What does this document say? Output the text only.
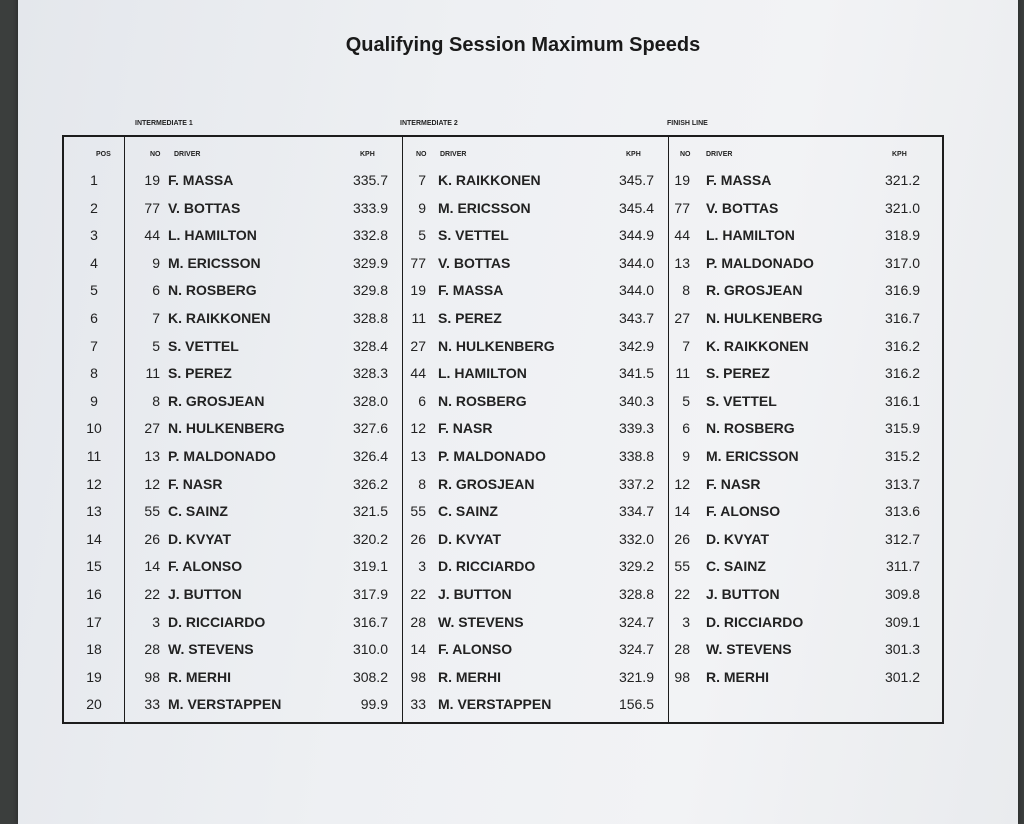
Qualifying Session Maximum Speeds
INTERMEDIATE 1	INTERMEDIATE 2	FINISH LINE
POS	NO DRIVER	KPH	NO DRIVER	KPH	NO DRIVER	KPH
1	19 F. MASSA	335.7	7 K. RAIKKONEN	345.7	19 F. MASSA	321.2
2	77 V. BOTTAS	333.9	9 M. ERICSSON	345.4	77 V. BOTTAS	321.0
3	44 L. HAMILTON	332.8	5 S. VETTEL	344.9	44 L. HAMILTON	318.9
4	9 M. ERICSSON	329.9	77 V. BOTTAS	344.0	13 P. MALDONADO	317.0
5	6 N. ROSBERG	329.8	19 F. MASSA	344.0	8 R. GROSJEAN	316.9
6	7 K. RAIKKONEN	328.8	11 S. PEREZ	343.7	27 N. HULKENBERG	316.7
7	5 S. VETTEL	328.4	27 N. HULKENBERG	342.9	7 K. RAIKKONEN	316.2
8	11 S. PEREZ	328.3	44 L. HAMILTON	341.5	11 S. PEREZ	316.2
9	8 R. GROSJEAN	328.0	6 N. ROSBERG	340.3	5 S. VETTEL	316.1
10	27 N. HULKENBERG	327.6	12 F. NASR	339.3	6 N. ROSBERG	315.9
11	13 P. MALDONADO	326.4	13 P. MALDONADO	338.8	9 M. ERICSSON	315.2
12	12 F. NASR	326.2	8 R. GROSJEAN	337.2	12 F. NASR	313.7
13	55 C. SAINZ	321.5	55 C. SAINZ	334.7	14 F. ALONSO	313.6
14	26 D. KVYAT	320.2	26 D. KVYAT	332.0	26 D. KVYAT	312.7
15	14 F. ALONSO	319.1	3 D. RICCIARDO	329.2	55 C. SAINZ	311.7
16	22 J. BUTTON	317.9	22 J. BUTTON	328.8	22 J. BUTTON	309.8
17	3 D. RICCIARDO	316.7	28 W. STEVENS	324.7	3 D. RICCIARDO	309.1
18	28 W. STEVENS	310.0	14 F. ALONSO	324.7	28 W. STEVENS	301.3
19	98 R. MERHI	308.2	98 R. MERHI	321.9	98 R. MERHI	301.2
20	33 M. VERSTAPPEN	99.9	33 M. VERSTAPPEN	156.5
